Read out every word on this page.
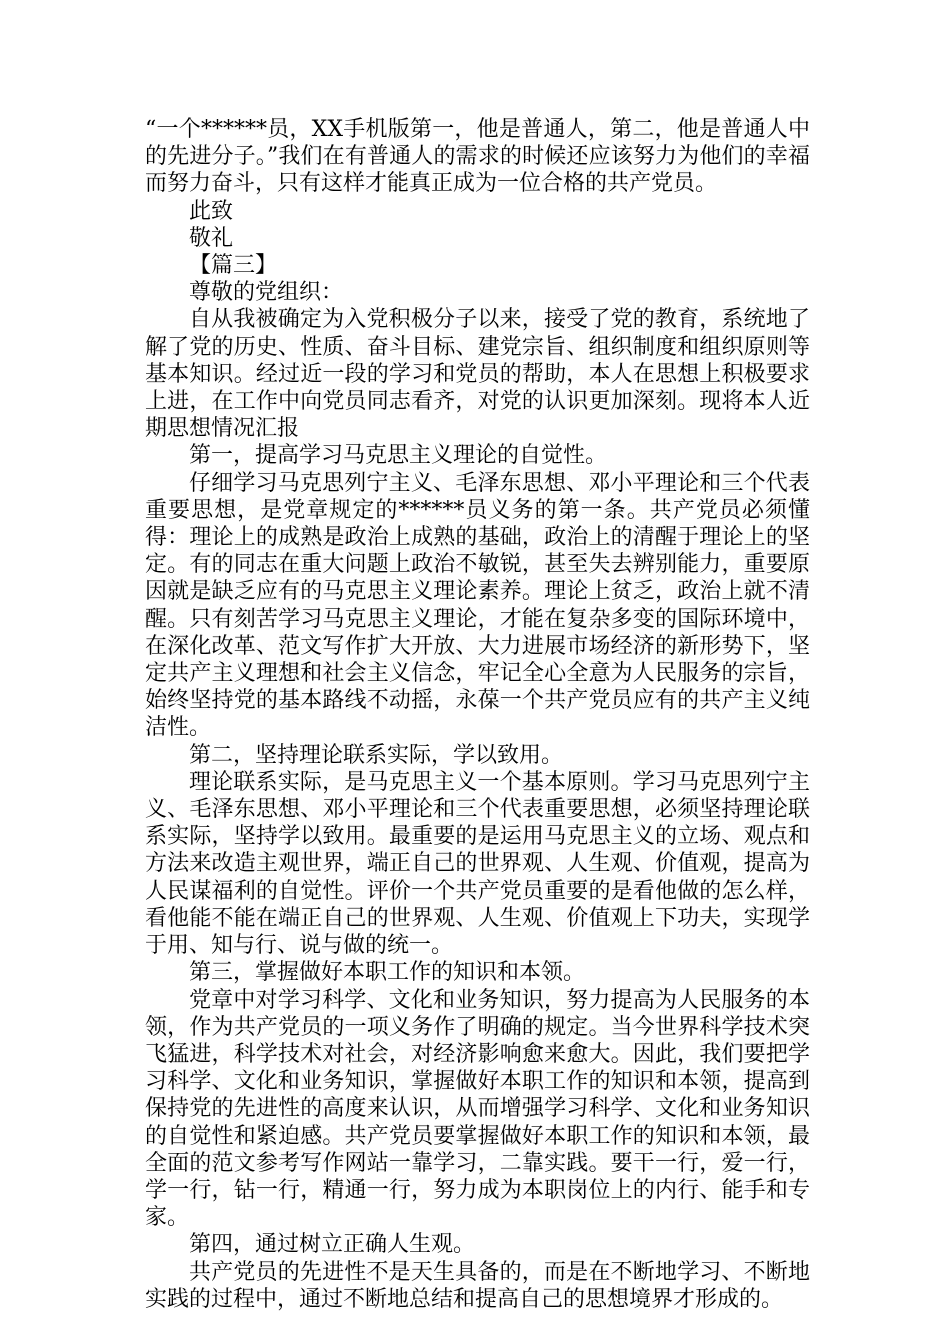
“一个******员，XX手机版第一，他是普通人，第二，他是普通人中的先进分子。”我们在有普通人的需求的时候还应该努力为他们的幸福而努力奋斗，只有这样才能真正成为一位合格的共产党员。

此致

敬礼

【篇三】

尊敬的党组织：

自从我被确定为入党积极分子以来，接受了党的教育，系统地了解了党的历史、性质、奋斗目标、建党宗旨、组织制度和组织原则等基本知识。经过近一段的学习和党员的帮助，本人在思想上积极要求上进，在工作中向党员同志看齐，对党的认识更加深刻。现将本人近期思想情况汇报

第一，提高学习马克思主义理论的自觉性。

仔细学习马克思列宁主义、毛泽东思想、邓小平理论和三个代表重要思想，是党章规定的******员义务的第一条。共产党员必须懂得：理论上的成熟是政治上成熟的基础，政治上的清醒于理论上的坚定。有的同志在重大问题上政治不敏锐，甚至失去辨别能力，重要原因就是缺乏应有的马克思主义理论素养。理论上贫乏，政治上就不清醒。只有刻苦学习马克思主义理论，才能在复杂多变的国际环境中，在深化改革、范文写作扩大开放、大力进展市场经济的新形势下，坚定共产主义理想和社会主义信念，牢记全心全意为人民服务的宗旨，始终坚持党的基本路线不动摇，永葆一个共产党员应有的共产主义纯洁性。

第二，坚持理论联系实际，学以致用。

理论联系实际，是马克思主义一个基本原则。学习马克思列宁主义、毛泽东思想、邓小平理论和三个代表重要思想，必须坚持理论联系实际，坚持学以致用。最重要的是运用马克思主义的立场、观点和方法来改造主观世界，端正自己的世界观、人生观、价值观，提高为人民谋福利的自觉性。评价一个共产党员重要的是看他做的怎么样，看他能不能在端正自己的世界观、人生观、价值观上下功夫，实现学于用、知与行、说与做的统一。

第三，掌握做好本职工作的知识和本领。

党章中对学习科学、文化和业务知识，努力提高为人民服务的本领，作为共产党员的一项义务作了明确的规定。当今世界科学技术突飞猛进，科学技术对社会，对经济影响愈来愈大。因此，我们要把学习科学、文化和业务知识，掌握做好本职工作的知识和本领，提高到保持党的先进性的高度来认识，从而增强学习科学、文化和业务知识的自觉性和紧迫感。共产党员要掌握做好本职工作的知识和本领，最全面的范文参考写作网站一靠学习，二靠实践。要干一行，爱一行，学一行，钻一行，精通一行，努力成为本职岗位上的内行、能手和专家。

第四，通过树立正确人生观。

共产党员的先进性不是天生具备的，而是在不断地学习、不断地实践的过程中，通过不断地总结和提高自己的思想境界才形成的。
